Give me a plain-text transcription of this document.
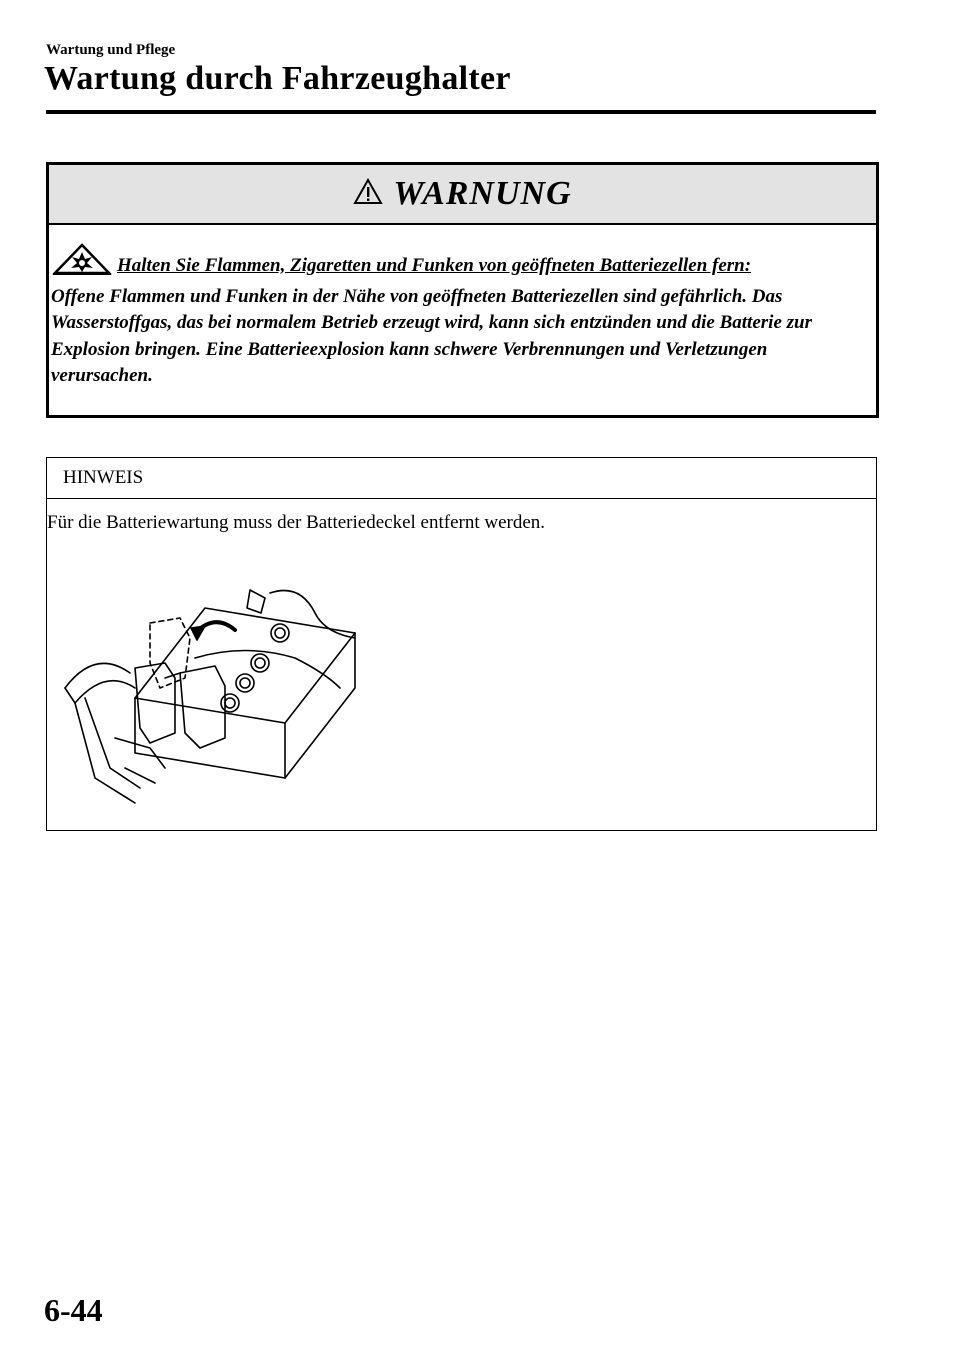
Wartung und Pflege
Wartung durch Fahrzeughalter
WARNUNG
Halten Sie Flammen, Zigaretten und Funken von geöffneten Batteriezellen fern:
Offene Flammen und Funken in der Nähe von geöffneten Batteriezellen sind gefährlich. Das Wasserstoffgas, das bei normalem Betrieb erzeugt wird, kann sich entzünden und die Batterie zur Explosion bringen. Eine Batterieexplosion kann schwere Verbrennungen und Verletzungen verursachen.
HINWEIS
Für die Batteriewartung muss der Batteriedeckel entfernt werden.
6-44
